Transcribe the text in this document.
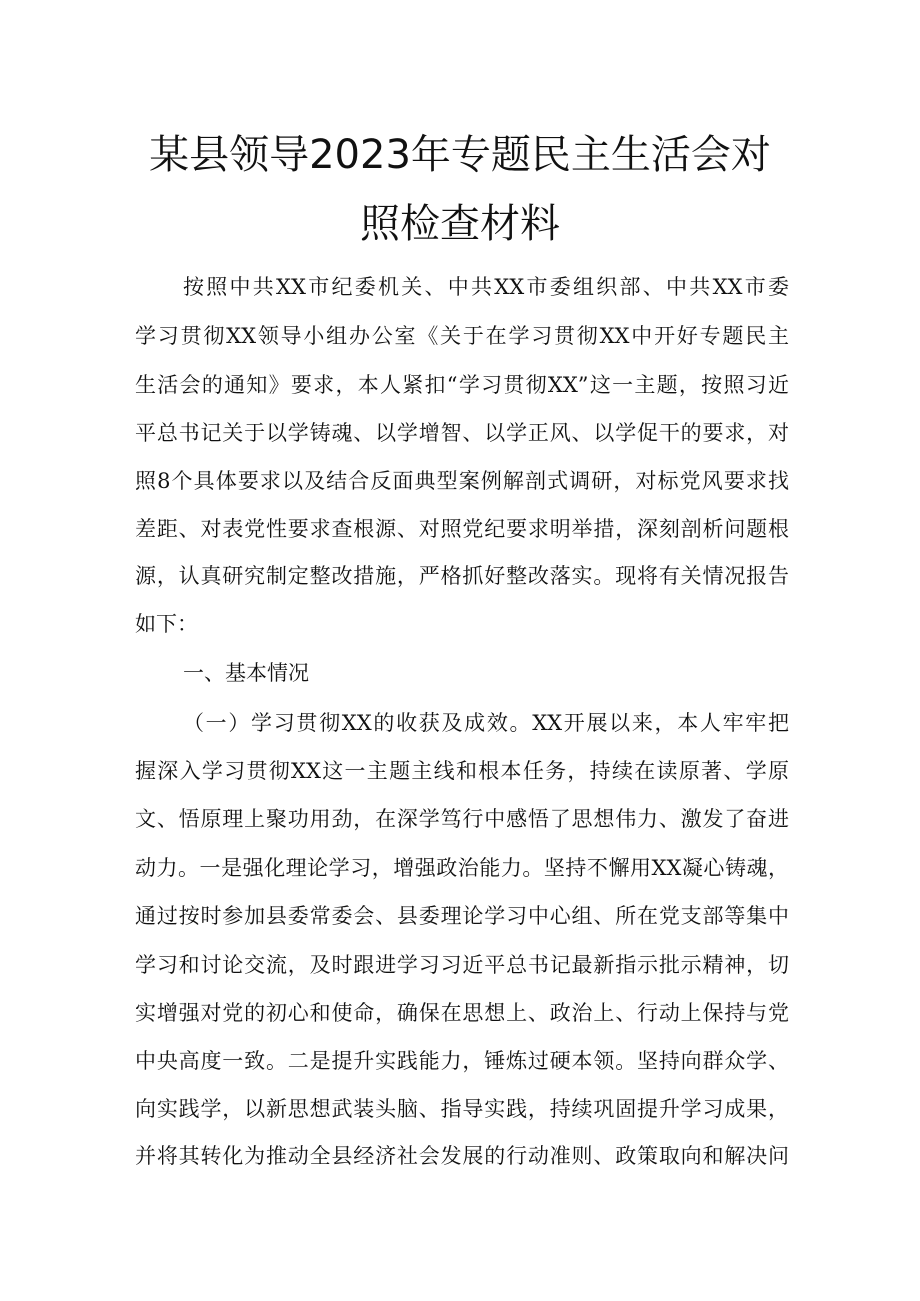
某县领导2023年专题民主生活会对
照检查材料
按照中共XX市纪委机关、中共XX市委组织部、中共XX市委
学习贯彻XX领导小组办公室《关于在学习贯彻XX中开好专题民主
生活会的通知》要求，本人紧扣“学习贯彻XX”这一主题，按照习近
平总书记关于以学铸魂、以学增智、以学正风、以学促干的要求，对
照8个具体要求以及结合反面典型案例解剖式调研，对标党风要求找
差距、对表党性要求查根源、对照党纪要求明举措，深刻剖析问题根
源，认真研究制定整改措施，严格抓好整改落实。现将有关情况报告
如下：
一、基本情况
（一）学习贯彻XX的收获及成效。XX开展以来，本人牢牢把
握深入学习贯彻XX这一主题主线和根本任务，持续在读原著、学原
文、悟原理上聚功用劲，在深学笃行中感悟了思想伟力、激发了奋进
动力。一是强化理论学习，增强政治能力。坚持不懈用XX凝心铸魂，
通过按时参加县委常委会、县委理论学习中心组、所在党支部等集中
学习和讨论交流，及时跟进学习习近平总书记最新指示批示精神，切
实增强对党的初心和使命，确保在思想上、政治上、行动上保持与党
中央高度一致。二是提升实践能力，锤炼过硬本领。坚持向群众学、
向实践学，以新思想武装头脑、指导实践，持续巩固提升学习成果，
并将其转化为推动全县经济社会发展的行动准则、政策取向和解决问
